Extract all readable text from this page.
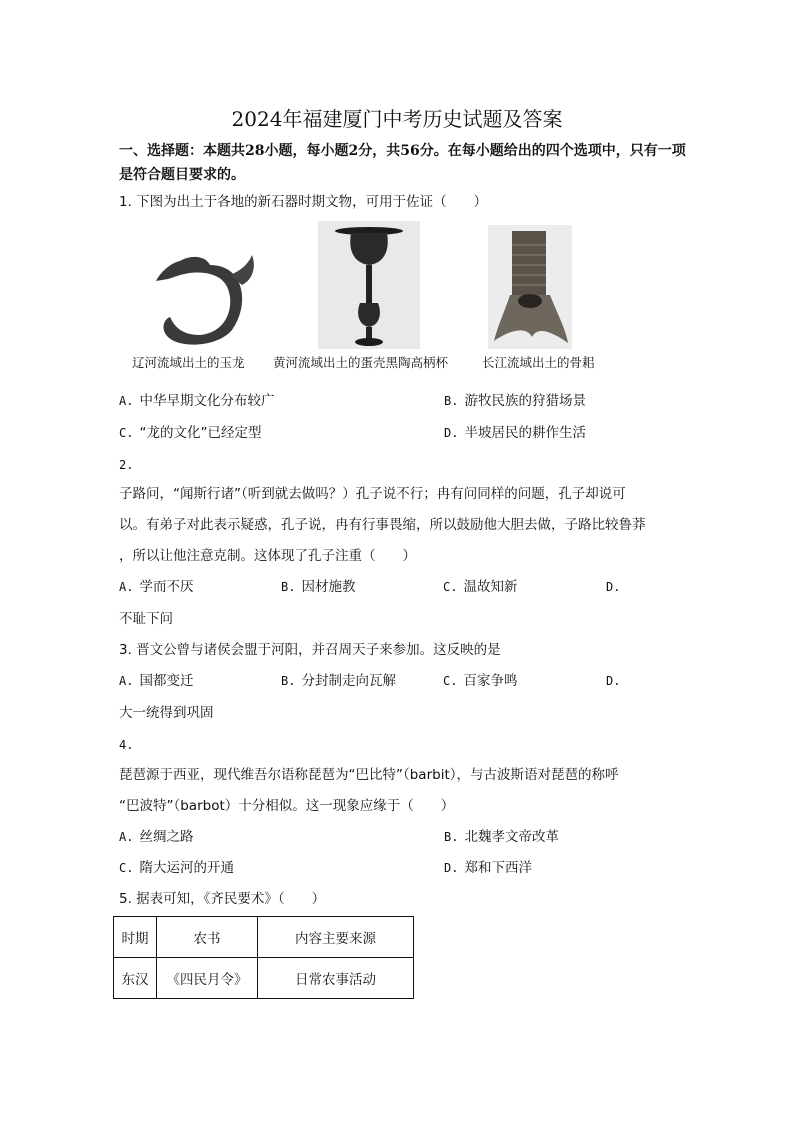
2024年福建厦门中考历史试题及答案
一、选择题：本题共28小题，每小题2分，共56分。在每小题给出的四个选项中，只有一项
是符合题目要求的。
1. 下图为出土于各地的新石器时期文物，可用于佐证（　　）
辽河流域出土的玉龙 黄河流域出土的蛋壳黑陶高柄杯	长江流域出土的骨耜
A. 中华早期文化分布较广	B. 游牧民族的狩猎场景
C. “龙的文化”已经定型	D. 半坡居民的耕作生活
2.
子路问，“闻斯行诸”（听到就去做吗？）孔子说不行；冉有问同样的问题，孔子却说可
以。有弟子对此表示疑惑，孔子说，冉有行事畏缩，所以鼓励他大胆去做，子路比较鲁莽
，所以让他注意克制。这体现了孔子注重（　　）
A. 学而不厌	B. 因材施教	C. 温故知新	D.
不耻下问
3. 晋文公曾与诸侯会盟于河阳，并召周天子来参加。这反映的是
A. 国都变迁	B. 分封制走向瓦解	C. 百家争鸣	D.
大一统得到巩固
4.
琵琶源于西亚，现代维吾尔语称琵琶为“巴比特”（barbit），与古波斯语对琵琶的称呼
“巴波特”（barbot）十分相似。这一现象应缘于（　　）
A. 丝绸之路	B. 北魏孝文帝改革
C. 隋大运河的开通	D. 郑和下西洋
5. 据表可知，《齐民要术》（　　）
时期	农书	内容主要来源
东汉	《四民月令》	日常农事活动
